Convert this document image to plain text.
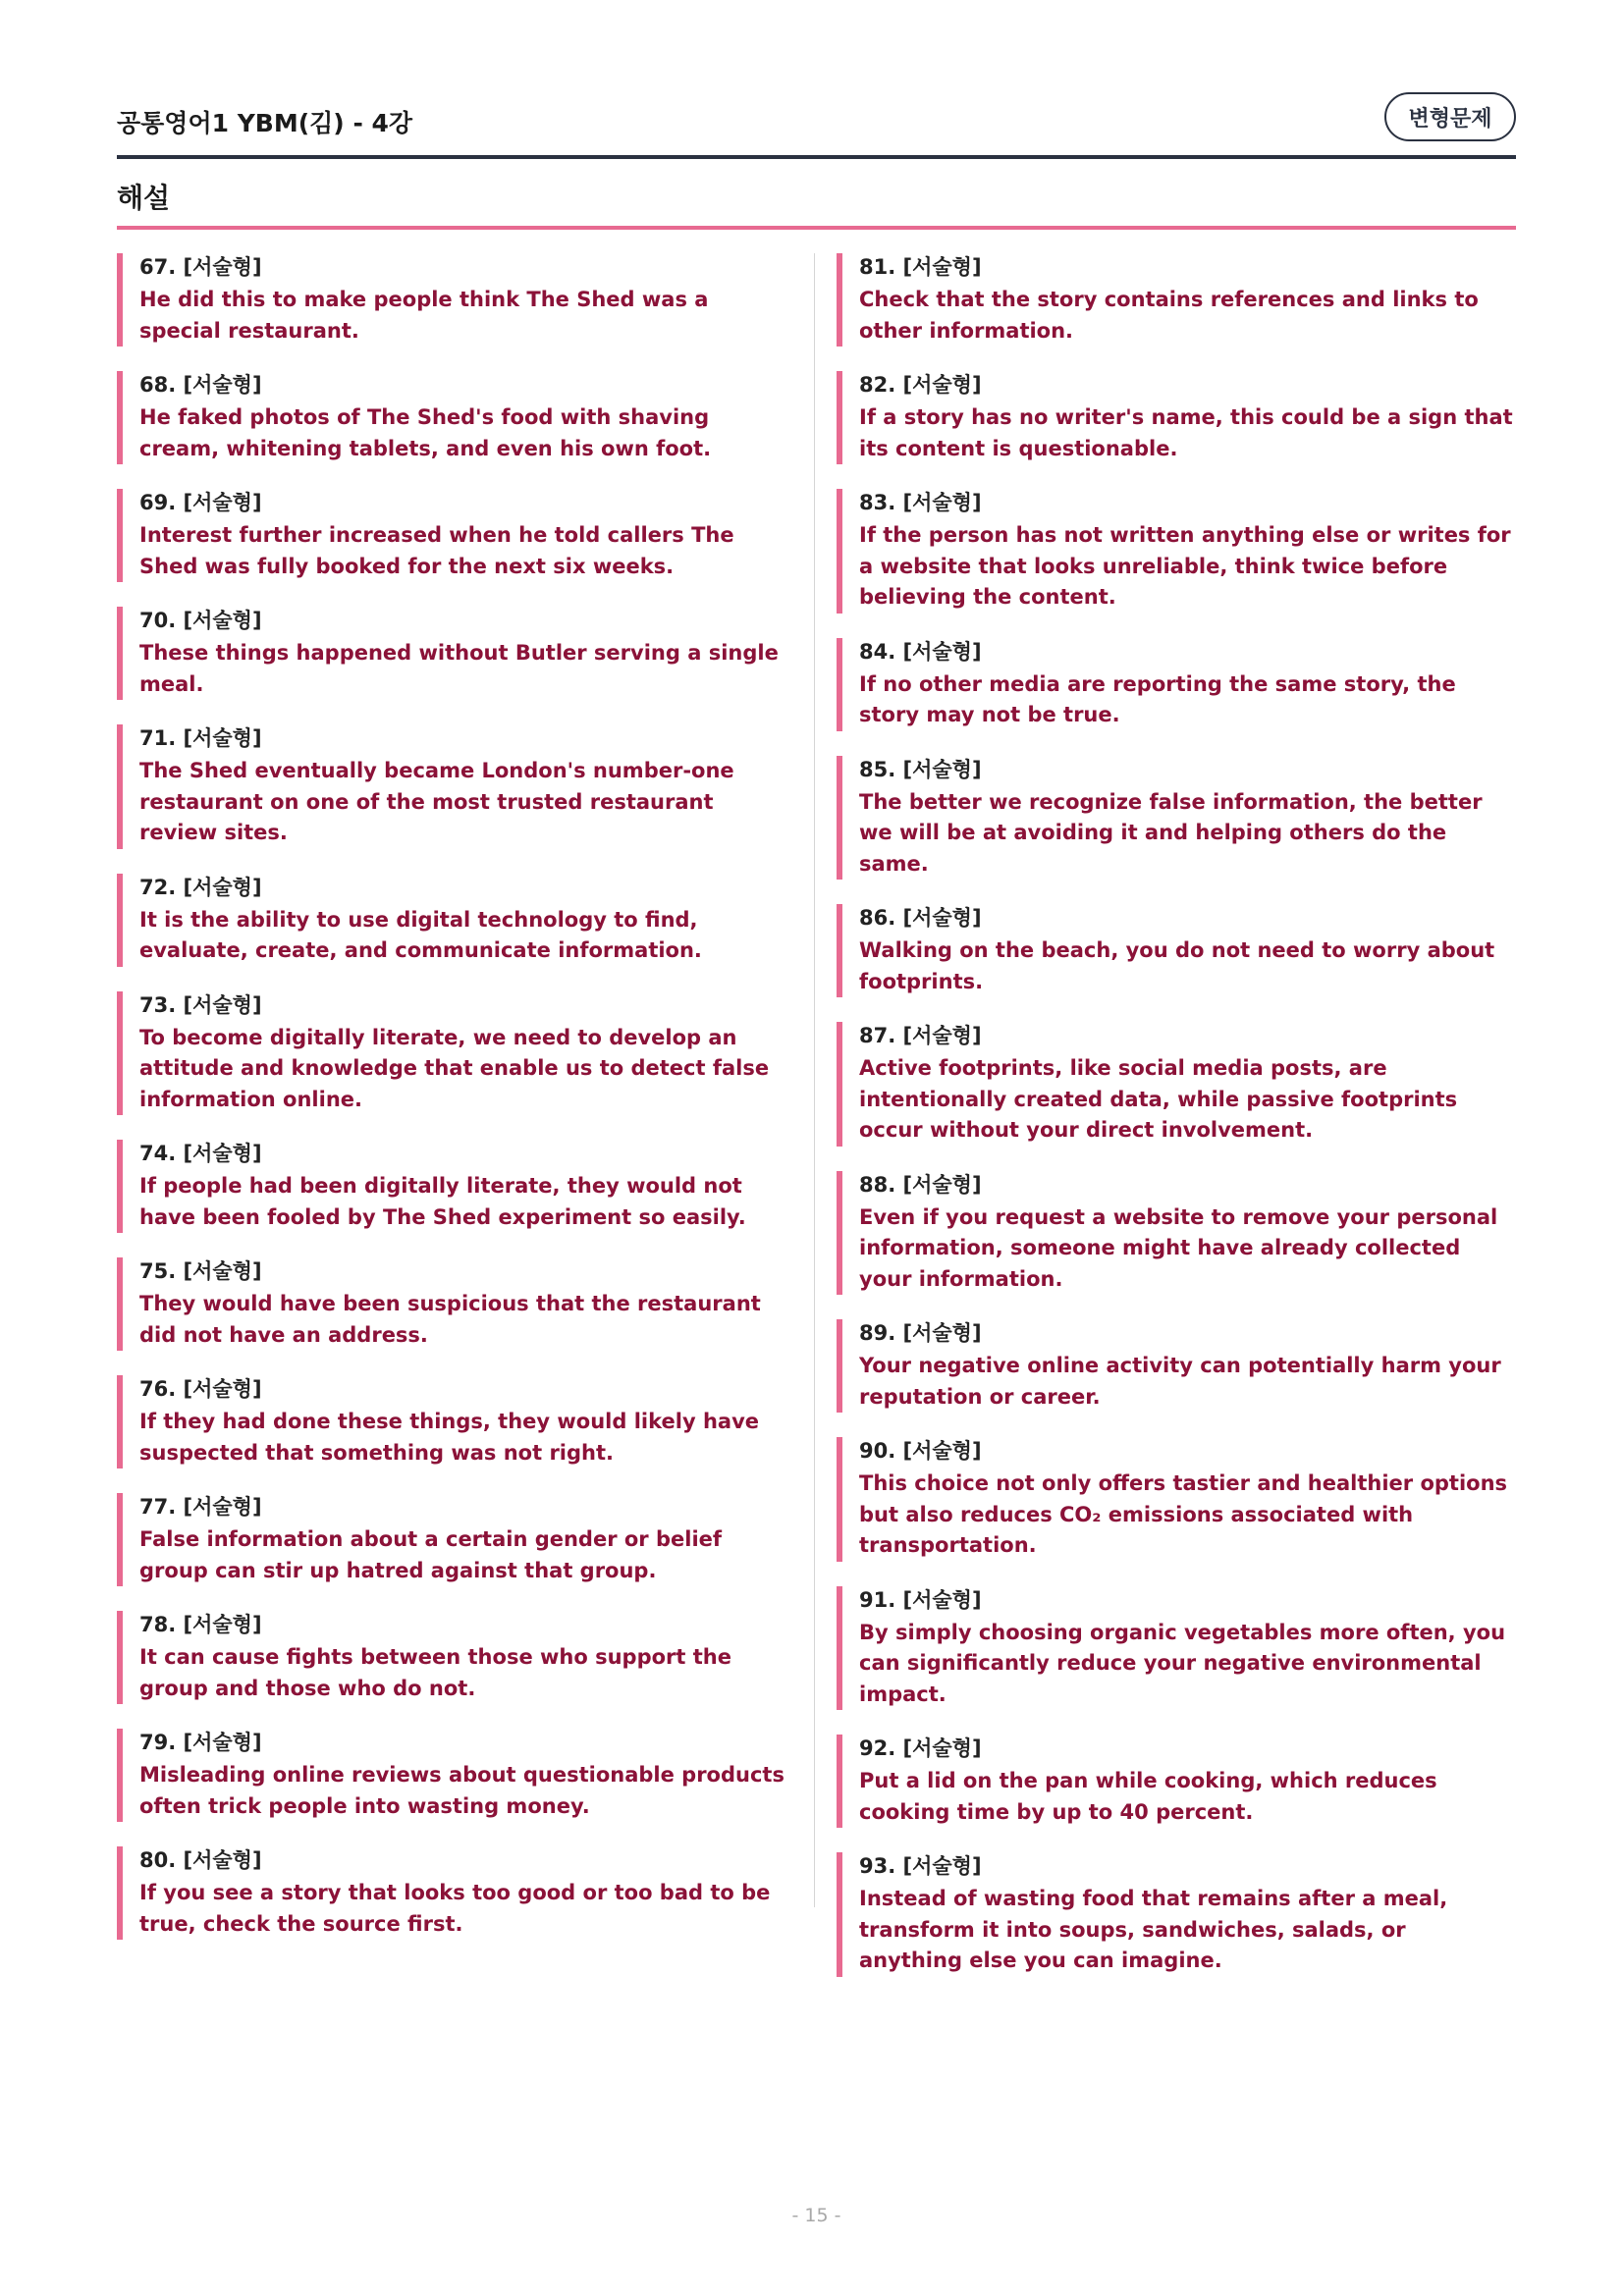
공통영어1 YBM(김) - 4강	변형문제
해설
67. [서술형]
He did this to make people think The Shed was a special restaurant.
68. [서술형]
He faked photos of The Shed's food with shaving cream, whitening tablets, and even his own foot.
69. [서술형]
Interest further increased when he told callers The Shed was fully booked for the next six weeks.
70. [서술형]
These things happened without Butler serving a single meal.
71. [서술형]
The Shed eventually became London's number-one restaurant on one of the most trusted restaurant review sites.
72. [서술형]
It is the ability to use digital technology to find, evaluate, create, and communicate information.
73. [서술형]
To become digitally literate, we need to develop an attitude and knowledge that enable us to detect false information online.
74. [서술형]
If people had been digitally literate, they would not have been fooled by The Shed experiment so easily.
75. [서술형]
They would have been suspicious that the restaurant did not have an address.
76. [서술형]
If they had done these things, they would likely have suspected that something was not right.
77. [서술형]
False information about a certain gender or belief group can stir up hatred against that group.
78. [서술형]
It can cause fights between those who support the group and those who do not.
79. [서술형]
Misleading online reviews about questionable products often trick people into wasting money.
80. [서술형]
If you see a story that looks too good or too bad to be true, check the source first.
81. [서술형]
Check that the story contains references and links to other information.
82. [서술형]
If a story has no writer's name, this could be a sign that its content is questionable.
83. [서술형]
If the person has not written anything else or writes for a website that looks unreliable, think twice before believing the content.
84. [서술형]
If no other media are reporting the same story, the story may not be true.
85. [서술형]
The better we recognize false information, the better we will be at avoiding it and helping others do the same.
86. [서술형]
Walking on the beach, you do not need to worry about footprints.
87. [서술형]
Active footprints, like social media posts, are intentionally created data, while passive footprints occur without your direct involvement.
88. [서술형]
Even if you request a website to remove your personal information, someone might have already collected your information.
89. [서술형]
Your negative online activity can potentially harm your reputation or career.
90. [서술형]
This choice not only offers tastier and healthier options but also reduces CO₂ emissions associated with transportation.
91. [서술형]
By simply choosing organic vegetables more often, you can significantly reduce your negative environmental impact.
92. [서술형]
Put a lid on the pan while cooking, which reduces cooking time by up to 40 percent.
93. [서술형]
Instead of wasting food that remains after a meal, transform it into soups, sandwiches, salads, or anything else you can imagine.
- 15 -
